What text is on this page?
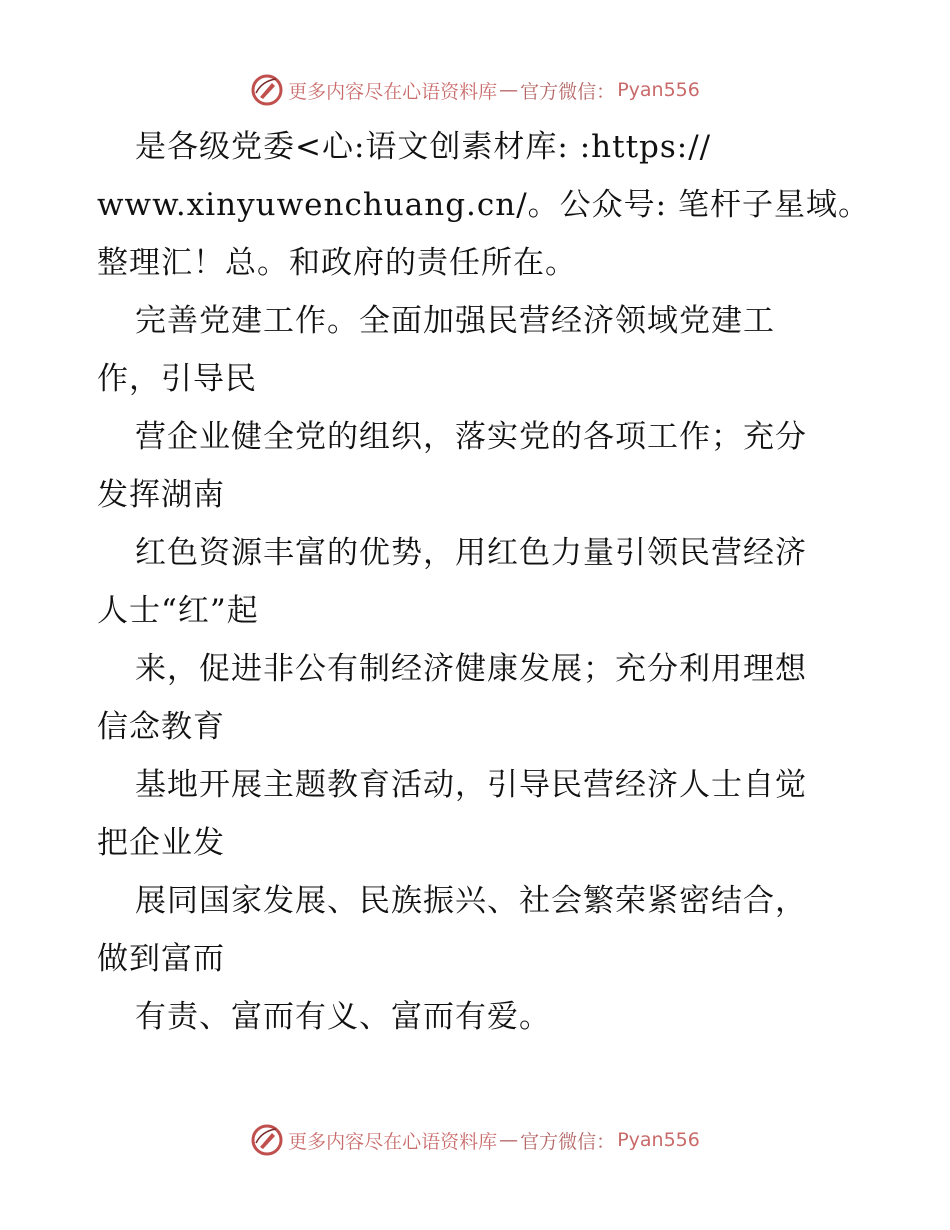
更多内容尽在心语资料库 — 官方微信： Pyan556
是各级党委<心:语文创素材库: :https://
www.xinyuwenchuang.cn/。公众号: 笔杆子星域。
整理汇！总。和政府的责任所在。
完善党建工作。全面加强民营经济领域党建工
作，引导民
营企业健全党的组织，落实党的各项工作；充分
发挥湖南
红色资源丰富的优势，用红色力量引领民营经济
人士“红”起
来，促进非公有制经济健康发展；充分利用理想
信念教育
基地开展主题教育活动，引导民营经济人士自觉
把企业发
展同国家发展、民族振兴、社会繁荣紧密结合，
做到富而
有责、富而有义、富而有爱。
更多内容尽在心语资料库 — 官方微信： Pyan556
